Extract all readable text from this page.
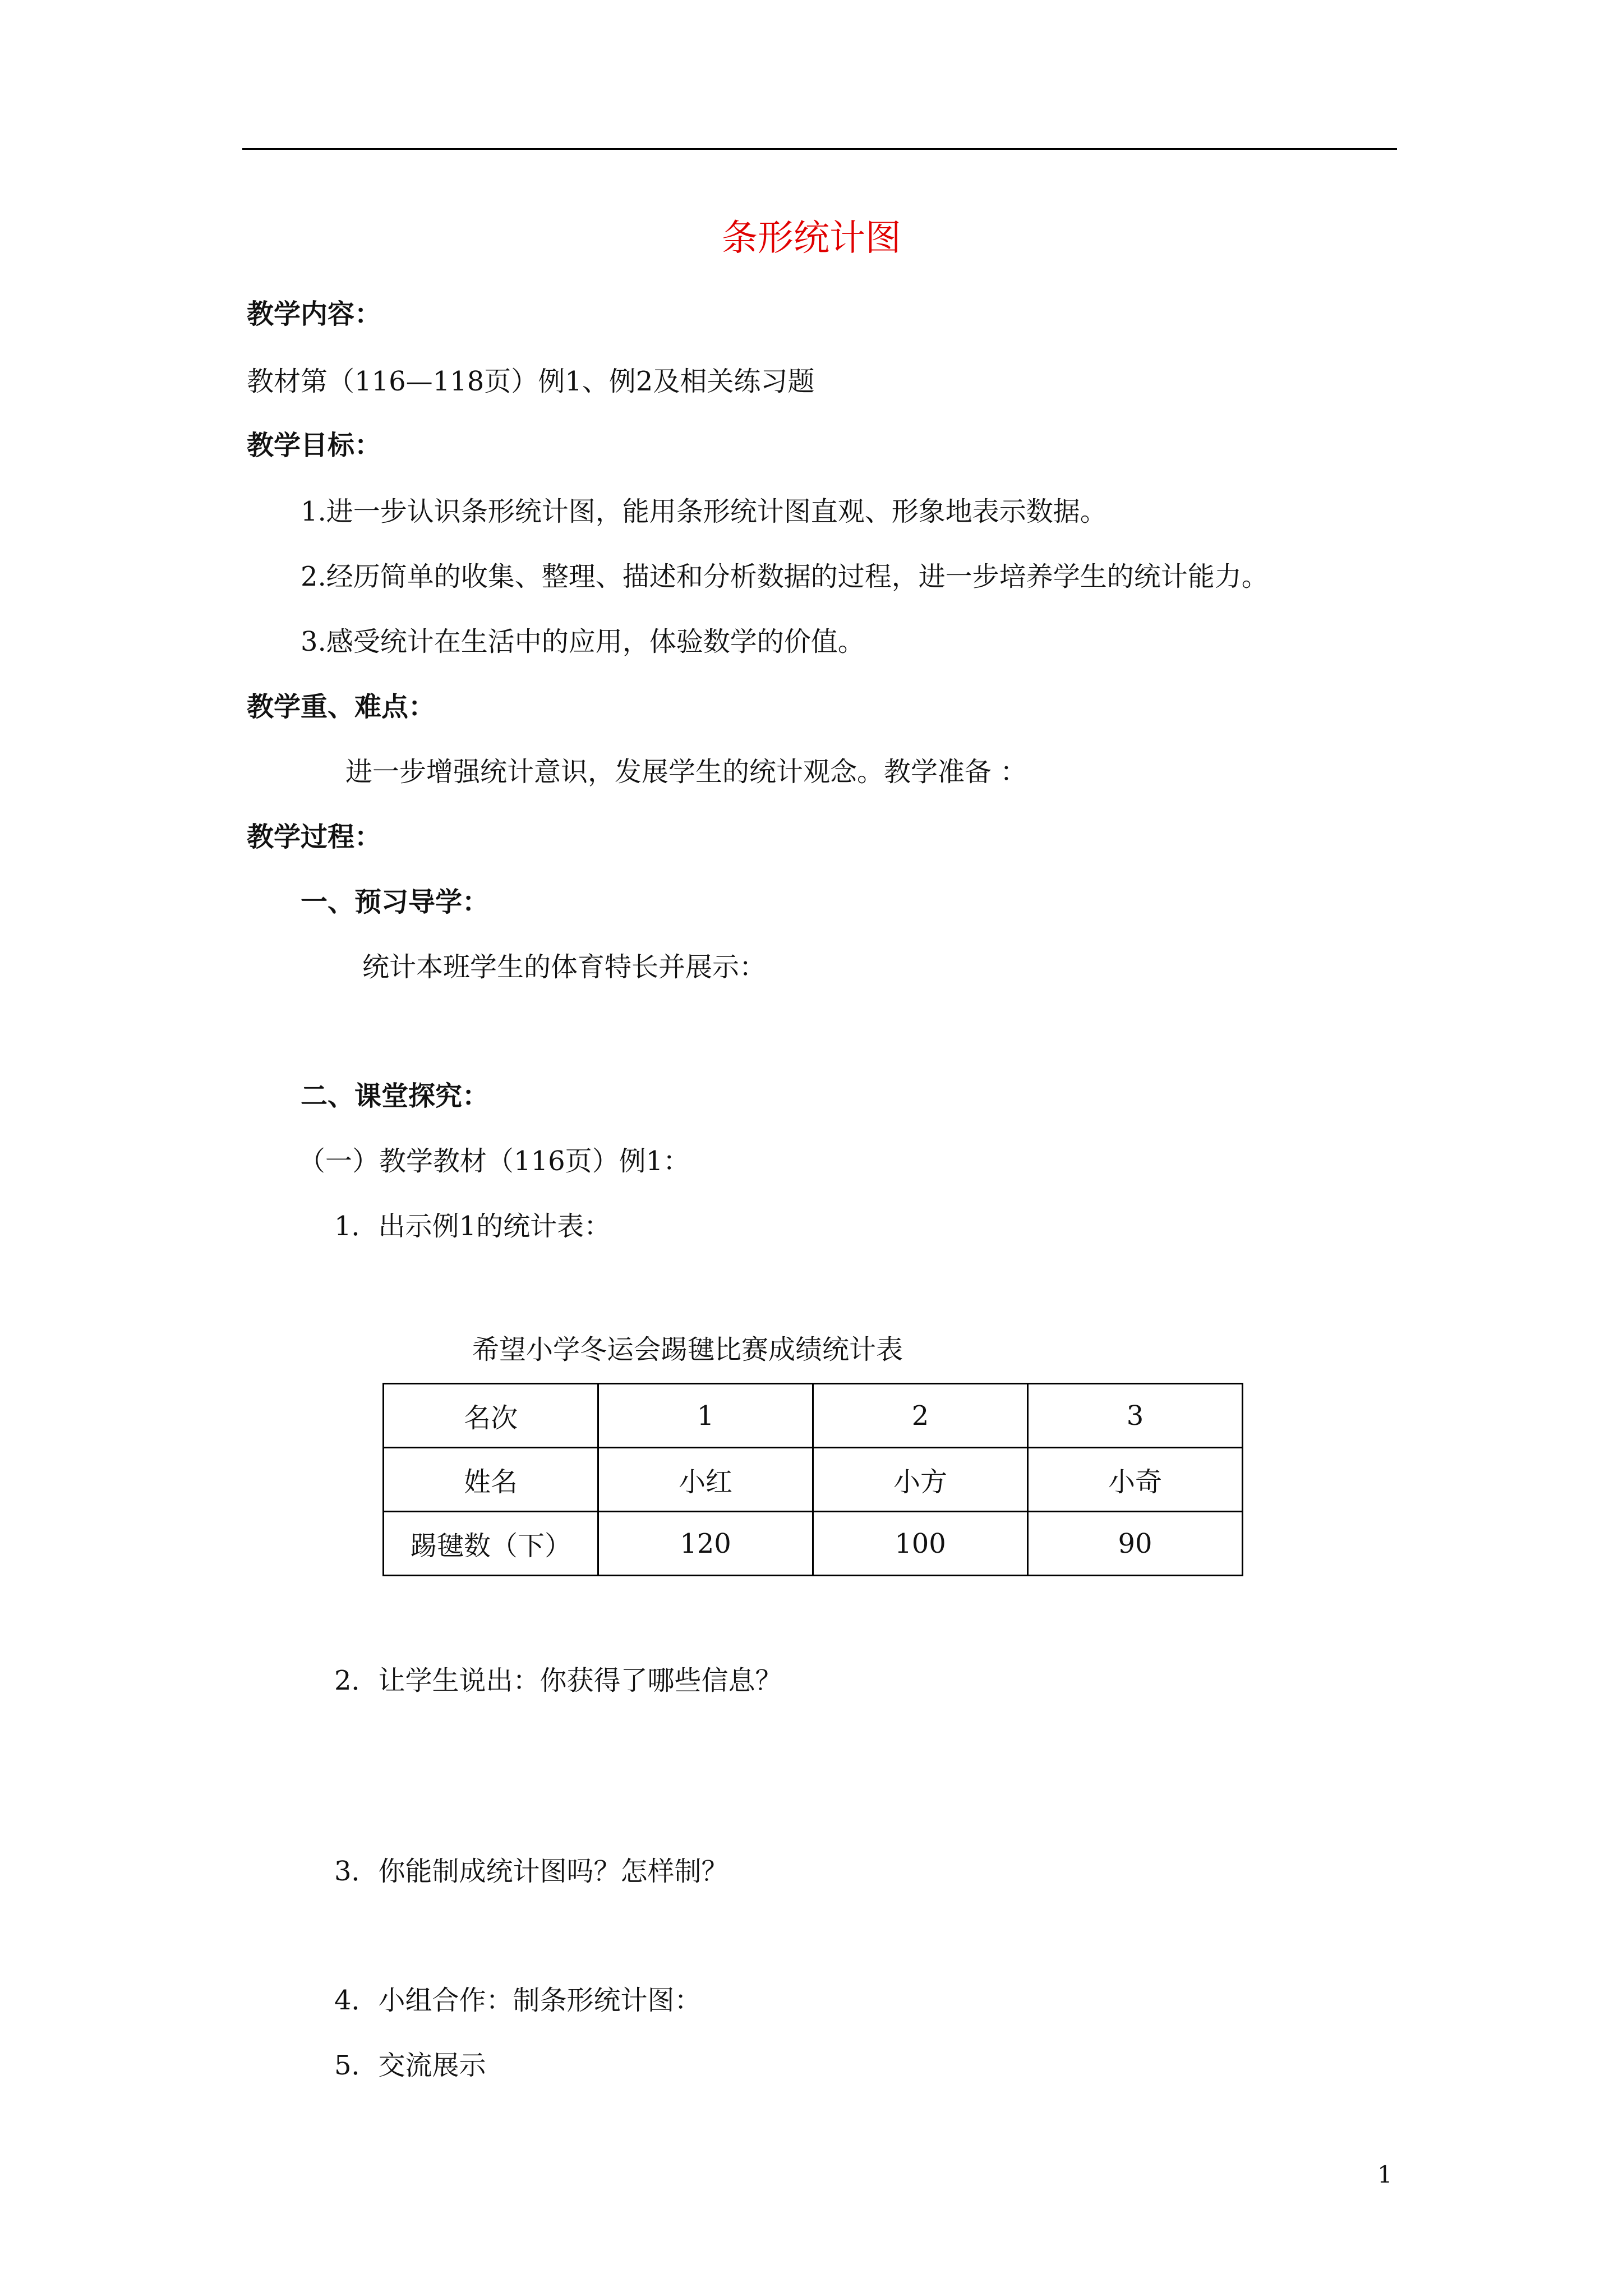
条形统计图
教学内容：
教材第（116—118页）例1、例2及相关练习题
教学目标：
1.进一步认识条形统计图，能用条形统计图直观、形象地表示数据。
2.经历简单的收集、整理、描述和分析数据的过程，进一步培养学生的统计能力。
3.感受统计在生活中的应用，体验数学的价值。
教学重、难点：
进一步增强统计意识，发展学生的统计观念。教学准备 ：
教学过程：
一、预习导学：
统计本班学生的体育特长并展示：
二、课堂探究：
（一）教学教材（116页）例1：
1．出示例1的统计表：
希望小学冬运会踢毽比赛成绩统计表
名次	1	2	3
姓名	小红	小方	小奇
踢毽数（下）	120	100	90
2．让学生说出：你获得了哪些信息？
3．你能制成统计图吗？怎样制？
4．小组合作：制条形统计图：
5．交流展示
1
